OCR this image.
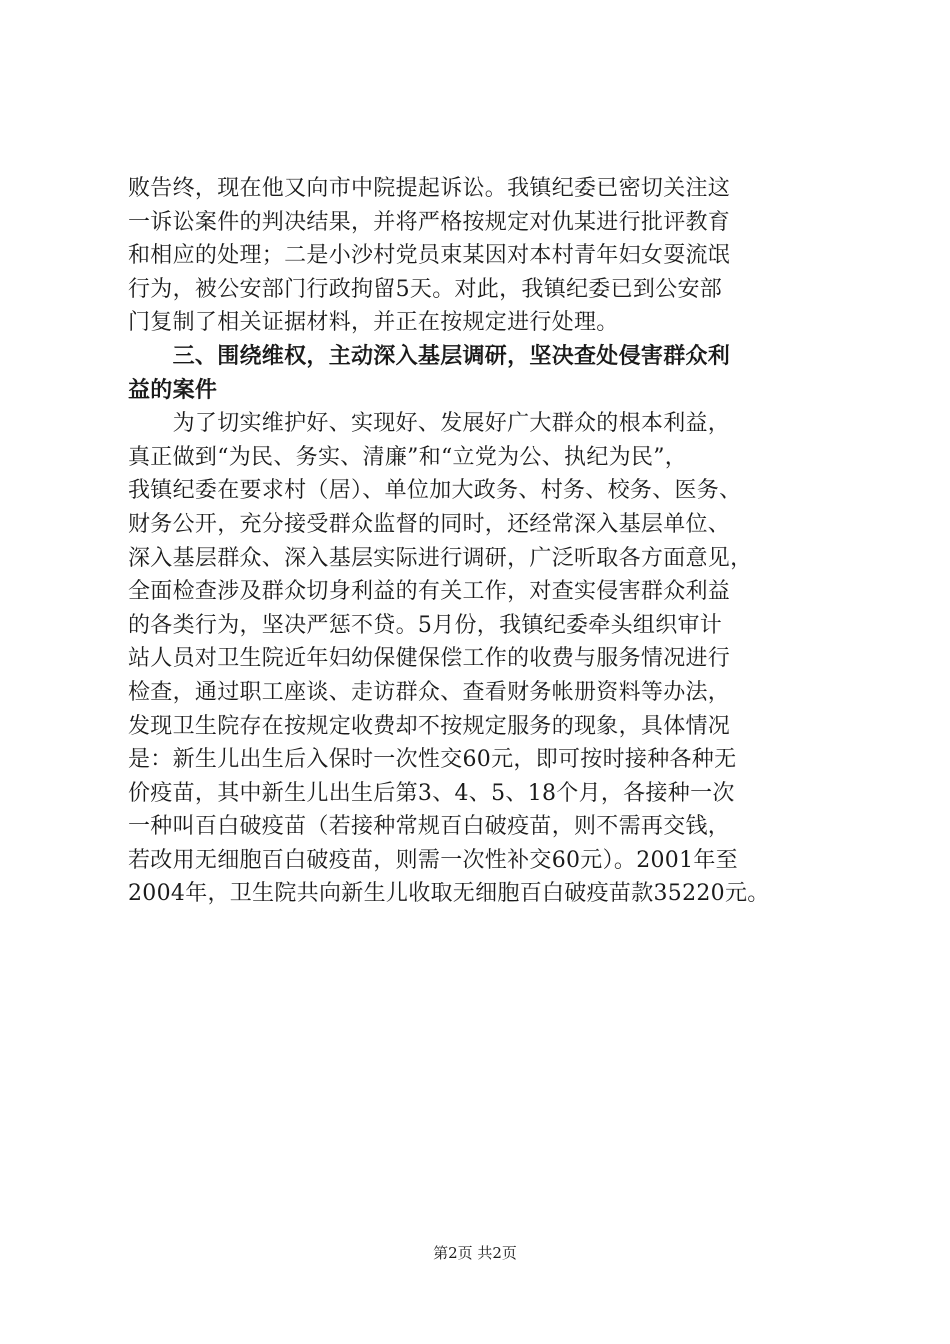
败告终，现在他又向市中院提起诉讼。我镇纪委已密切关注这

一诉讼案件的判决结果，并将严格按规定对仇某进行批评教育

和相应的处理；二是小沙村党员束某因对本村青年妇女耍流氓

行为，被公安部门行政拘留5天。对此，我镇纪委已到公安部

门复制了相关证据材料，并正在按规定进行处理。

　　三、围绕维权，主动深入基层调研，坚决查处侵害群众利

益的案件

　　为了切实维护好、实现好、发展好广大群众的根本利益，

真正做到“为民、务实、清廉”和“立党为公、执纪为民”，

我镇纪委在要求村（居）、单位加大政务、村务、校务、医务、

财务公开，充分接受群众监督的同时，还经常深入基层单位、

深入基层群众、深入基层实际进行调研，广泛听取各方面意见，

全面检查涉及群众切身利益的有关工作，对查实侵害群众利益

的各类行为，坚决严惩不贷。5月份，我镇纪委牵头组织审计

站人员对卫生院近年妇幼保健保偿工作的收费与服务情况进行

检查，通过职工座谈、走访群众、查看财务帐册资料等办法，

发现卫生院存在按规定收费却不按规定服务的现象，具体情况

是：新生儿出生后入保时一次性交60元，即可按时接种各种无

价疫苗，其中新生儿出生后第3、4、5、18个月，各接种一次

一种叫百白破疫苗（若接种常规百白破疫苗，则不需再交钱，

若改用无细胞百白破疫苗，则需一次性补交60元）。2001年至

2004年，卫生院共向新生儿收取无细胞百白破疫苗款35220元。

第2页 共2页
